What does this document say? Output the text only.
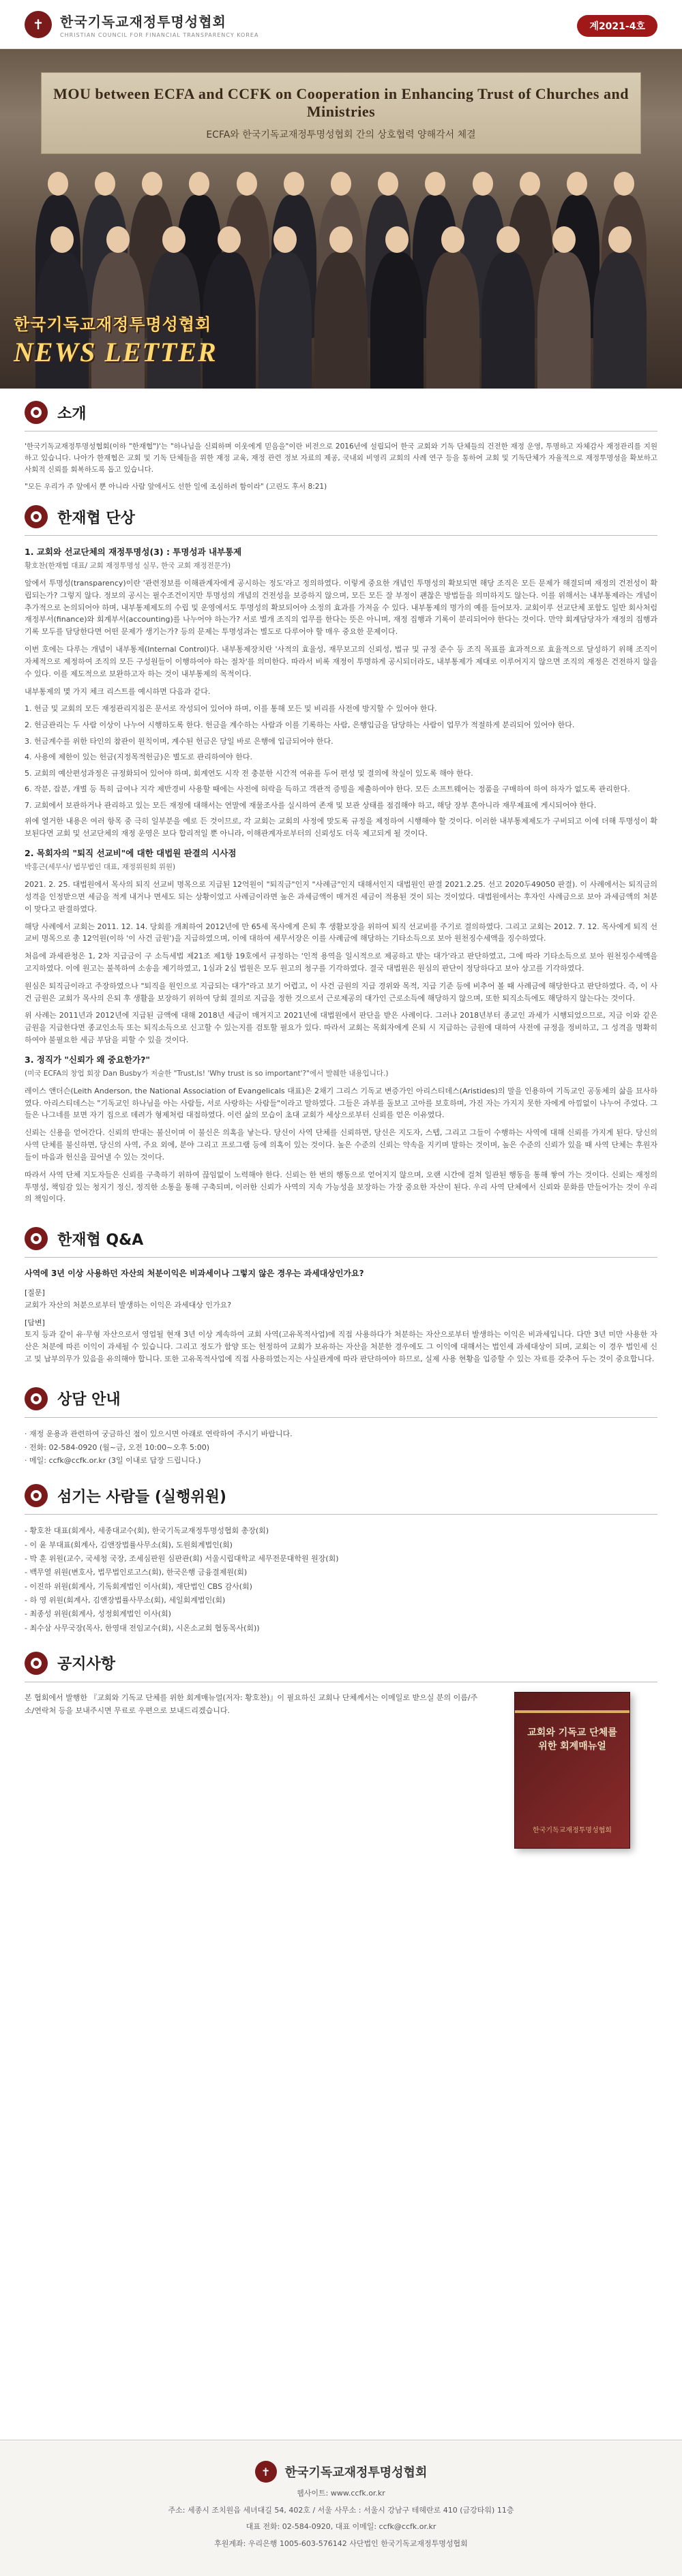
✝	한국기독교재정투명성협회
CHRISTIAN COUNCIL FOR FINANCIAL TRANSPARENCY KOREA
계2021-4호
MOU between ECFA and CCFK on Cooperation in Enhancing Trust of Churches and Ministries
ECFA와 한국기독교재정투명성협회 간의 상호협력 양해각서 체결
한국기독교재정투명성협회
NEWS LETTER
소개

'한국기독교재정투명성협회(이하 "한재협")'는 "하나님을 신뢰하며 이웃에게 믿음을"이란 비전으로 2016년에 설립되어 한국 교회와 기독 단체들의 건전한 재정 운영, 투명하고 자체감사 재정관리를 지원하고 있습니다. 나아가 한재협은 교회 및 기독 단체들을 위한 재정 교육, 재정 관련 정보 자료의 제공, 국내외 비영리 교회의 사례 연구 등을 통하여 교회 및 기독단체가 자율적으로 재정투명성을 확보하고 사회적 신뢰를 회복하도록 돕고 있습니다.

"모든 우리가 주 앞에서 뿐 아니라 사람 앞에서도 선한 일에 조심하려 함이라" (고린도 후서 8:21)

한재협 단상
1. 교회와 선교단체의 재정투명성(3) : 투명성과 내부통제
황호찬(한재협 대표/ 교회 재정투명성 실무, 한국 교회 재정전문가)

앞에서 투명성(transparency)이란 '관련정보를 이해관계자에게 공시하는 정도'라고 정의하였다. 이렇게 중요한 개념인 투명성의 확보되면 해당 조직은 모든 문제가 해결되며 재정의 건전성이 확립되는가? 그렇지 않다. 정보의 공시는 필수조건이지만 투명성의 개념의 건전성을 보증하지 않으며, 모든 모든 잘 부정이 괜찮은 방법들을 의미하지도 않는다. 이를 위해서는 내부통제라는 개념이 추가적으로 논의되어야 하며, 내부통제제도의 수립 및 운영에서도 투명성의 확보되어야 소정의 효과를 가져올 수 있다. 내부통제의 명가의 예를 들어보자. 교회이루 선교단체 포함도 일반 회사처럼 재정부서(finance)와 회계부서(accounting)를 나누어야 하는가? 서로 별개 조직의 업무를 한다는 뜻은 아니며, 재정 집행과 기록이 분리되어야 한다는 것이다. 만약 회계담당자가 재정의 집행과 기록 모두를 담당한다면 어떤 문제가 생기는가? 등의 문제는 투명성과는 별도로 다루어야 할 매우 중요한 문제이다.

이번 호에는 다루는 개념이 내부통제(Internal Control)다. 내부통제장치란 '사적의 효율성, 재무보고의 신뢰성, 법규 및 규정 준수 등 조직 목표를 효과적으로 효율적으로 달성하기 위해 조직이 자체적으로 제정하여 조직의 모든 구성원들이 이행하여야 하는 절차'를 의미한다. 따라서 비록 재정이 투명하게 공시되더라도, 내부통제가 제대로 이루어지지 않으면 조직의 재정은 건전하지 않을 수 있다. 이를 제도적으로 보완하고자 하는 것이 내부통제의 목적이다.

내부통제의 몇 가지 체크 리스트를 예시하면 다음과 같다.

1. 헌금 및 교회의 모든 재정관리지침은 문서로 작성되어 있어야 하며, 이를 통해 모든 및 비리를 사전에 방지할 수 있어야 한다.
2. 헌금관리는 두 사람 이상이 나누어 시행하도록 한다. 헌금을 계수하는 사람과 이를 기록하는 사람, 은행입금을 담당하는 사람이 업무가 적절하게 분리되어 있어야 한다.
3. 헌금계수를 위한 타인의 참관이 원칙이며, 계수된 헌금은 당일 바로 은행에 입금되어야 한다.
4. 사용에 제한이 있는 헌금(지정목적헌금)은 별도로 관리하여야 한다.
5. 교회의 예산편성과정은 규정화되어 있어야 하며, 회계연도 시작 전 충분한 시간적 여유를 두어 편성 및 결의에 착실이 있도록 해야 한다.
6. 작분, 잡분, 개별 등 특히 급여나 지각 제반경비 사용할 때에는 사전에 허락을 득하고 객관적 증빙을 제출하여야 한다. 모든 소프트웨어는 정품을 구매하여 하여 하자가 없도록 관리한다.
7. 교회에서 보관하거나 관리하고 있는 모든 재정에 대해서는 연말에 재물조사를 실시하여 존재 및 보관 상태를 점검해야 하고, 해당 장부 흔아니라 재무제표에 게시되어야 한다.

위에 열거한 내용은 여러 항목 중 극히 일부분을 예로 든 것이므로, 각 교회는 교회의 사정에 맞도록 규정을 제정하여 시행해야 할 것이다. 이러한 내부통제제도가 구비되고 이에 더해 투명성이 확보된다면 교회 및 선교단체의 재정 운영은 보다 합리적일 뿐 아니라, 이해관계자로부터의 신뢰성도 더욱 제고되게 될 것이다.

2. 목회자의 "퇴직 선교비"에 대한 대법원 판결의 시사점
박홍근(세무사/ 법무법인 대표, 재정위원회 위원)

2021. 2. 25. 대법원에서 목사의 퇴직 선교비 명목으로 지급된 12억원이 "퇴직금"인지 "사례금"인지 대해서인지 대법원인 판결 2021.2.25. 선고 2020두49050 판결). 이 사례에서는 퇴직금의 성격을 인정받으면 세금을 적게 내거나 면세도 되는 상황이었고 사례금이라면 높은 과세금액이 매겨진 세금이 적용된 것이 되는 것이었다. 대법원에서는 후자인 사례금으로 보아 과세금액의 처분이 맞다고 판결하였다.

해당 사례에서 교회는 2011. 12. 14. 당회를 개최하여 2012년에 만 65세 목사에게 은퇴 후 생활보장을 위하여 퇴직 선교비를 주기로 결의하였다. 그리고 교회는 2012. 7. 12. 목사에게 퇴직 선교비 명목으로 총 12억원(이하 '이 사건 금원')을 지급하였으며, 이에 대하여 세무서장은 이를 사례금에 해당하는 기타소득으로 보아 원천징수세액을 징수하였다.

처음에 과세관청은 1, 2차 지급금이 구 소득세법 제21조 제1항 19호에서 규정하는 '인적 용역을 일시적으로 제공하고 받는 대가'라고 판단하였고, 그에 따라 기타소득으로 보아 원천징수세액을 고지하였다. 이에 원고는 불복하여 소송을 제기하였고, 1심과 2심 법원은 모두 원고의 청구를 기각하였다. 결국 대법원은 원심의 판단이 정당하다고 보아 상고를 기각하였다.

원심은 퇴직금이라고 주장하였으나 "퇴직을 원인으로 지급되는 대가"라고 보기 어렵고, 이 사건 금원의 지급 경위와 목적, 지급 기준 등에 비추어 볼 때 사례금에 해당한다고 판단하였다. 즉, 이 사건 금원은 교회가 목사의 은퇴 후 생활을 보장하기 위하여 당회 결의로 지급을 정한 것으로서 근로제공의 대가인 근로소득에 해당하지 않으며, 또한 퇴직소득에도 해당하지 않는다는 것이다.

위 사례는 2011년과 2012년에 지급된 금액에 대해 2018년 세금이 매겨지고 2021년에 대법원에서 판단을 받은 사례이다. 그러나 2018년부터 종교인 과세가 시행되었으므로, 지금 이와 같은 금원을 지급한다면 종교인소득 또는 퇴직소득으로 신고할 수 있는지를 검토할 필요가 있다. 따라서 교회는 목회자에게 은퇴 시 지급하는 금원에 대하여 사전에 규정을 정비하고, 그 성격을 명확히 하여야 불필요한 세금 부담을 피할 수 있을 것이다.

3. 정직가 "신뢰가 왜 중요한가?"
(미국 ECFA의 창업 회장 Dan Busby가 저술한 "Trust,Is! 'Why trust is so important'?"에서 발췌한 내용입니다.)

레이스 앤더슨(Leith Anderson, the National Association of Evangelicals 대표)은 2채기 그리스 기독교 변증가인 아리스티데스(Aristides)의 말을 인용하여 기독교인 공동체의 삶을 묘사하였다. 아리스티데스는 "기독교인 하나님을 아는 사람들, 서로 사랑하는 사람들"이라고 말하였다. 그들은 과부를 돌보고 고아를 보호하며, 가진 자는 가지지 못한 자에게 아낌없이 나누어 주었다. 그들은 나그네를 보면 자기 집으로 데려가 형제처럼 대접하였다. 이런 삶의 모습이 초대 교회가 세상으로부터 신뢰를 얻은 이유였다.

신뢰는 신용을 얻어간다. 신뢰의 반대는 불신이며 이 불신은 의혹을 낳는다. 당신이 사역 단체를 신뢰하면, 당신은 지도자, 스텝, 그리고 그들이 수행하는 사역에 대해 신뢰를 가지게 된다. 당신의 사역 단체를 불신하면, 당신의 사역, 주요 외에, 분야 그리고 프로그램 등에 의혹이 있는 것이다. 높은 수준의 신뢰는 약속을 지키며 말하는 것이며, 높은 수준의 신뢰가 있을 때 사역 단체는 후원자들이 마음과 헌신을 끌어낼 수 있는 것이다.

따라서 사역 단체 지도자들은 신뢰를 구축하기 위하여 끊임없이 노력해야 한다. 신뢰는 한 번의 행동으로 얻어지지 않으며, 오랜 시간에 걸쳐 일관된 행동을 통해 쌓여 가는 것이다. 신뢰는 재정의 투명성, 책임감 있는 청지기 정신, 정직한 소통을 통해 구축되며, 이러한 신뢰가 사역의 지속 가능성을 보장하는 가장 중요한 자산이 된다. 우리 사역 단체에서 신뢰와 문화를 만들어가는 것이 우리의 책임이다.

한재협 Q&A
사역에 3년 이상 사용하던 자산의 처분이익은 비과세이나 그렇지 않은 경우는 과세대상인가요?
[질문]

교회가 자산의 처분으로부터 발생하는 이익은 과세대상 인가요?

[답변]

토지 등과 같이 유·무형 자산으로서 영업될 현재 3년 이상 계속하여 교회 사역(고유목적사업)에 직접 사용하다가 처분하는 자산으로부터 발생하는 이익은 비과세입니다. 다만 3년 미만 사용한 자산은 처분에 따른 이익이 과세될 수 있습니다. 그리고 정도가 함양 또는 헌정하여 교회가 보유하는 자산을 처분한 경우에도 그 이익에 대해서는 법인세 과세대상이 되며, 교회는 이 경우 법인세 신고 및 납부의무가 있음을 유의해야 합니다. 또한 고유목적사업에 직접 사용하였는지는 사실관계에 따라 판단하여야 하므로, 실제 사용 현황을 입증할 수 있는 자료를 갖추어 두는 것이 중요합니다.

상담 안내
· 재정 운용과 관련하여 궁금하신 점이 있으시면 아래로 연락하여 주시기 바랍니다.
· 전화: 02-584-0920 (월~금, 오전 10:00~오후 5:00)
· 메일: ccfk@ccfk.or.kr (3일 이내로 답장 드립니다.)
섬기는 사람들 (실행위원)
- 황호찬 대표(회계사, 세종대교수(회), 한국기독교재정투명성협회 총장(회)
- 이 윤 부대표(회계사, 김앤장법률사무소(회), 도원회계법인(회)
- 박 훈 위원(교수, 국세청 국장, 조세심판원 심판관(회) 서울시립대학교 세무전문대학원 원장(회)
- 백무열 위원(변호사, 법무법인로고스(회), 한국은행 금융결제원(회)
- 이진하 위원(회계사, 기독회계법인 이사(회), 재단법인 CBS 감사(회)
- 하 영 위원(회계사, 김앤장법률사무소(회), 세일회계법인(회)
- 최종성 위원(회계사, 성정회계법인 이사(회)
- 최수삼 사무국장(목사, 한영대 전임교수(회), 시온소교회 협동목사(회))
공지사항
본 협회에서 발행한 『교회와 기독교 단체를 위한 회계매뉴얼(저자: 황호찬)』이 필요하신 교회나 단체께서는 이메일로 받으실 분의 이름/주소/연락처 등을 보내주시면 무료로 우편으로 보내드리겠습니다.
교회와 기독교 단체를 위한 회계매뉴얼
한국기독교재정투명성협회
✝	한국기독교재정투명성협회
웹사이트: www.ccfk.or.kr
주소: 세종시 조치원읍 세녀대길 54, 402호 / 서울 사무소 : 서울시 강남구 테헤란로 410 (금강타워) 11층
대표 전화: 02-584-0920, 대표 이메일: ccfk@ccfk.or.kr
후원계좌: 우리은행 1005-603-576142 사단법인 한국기독교재정투명성협회
